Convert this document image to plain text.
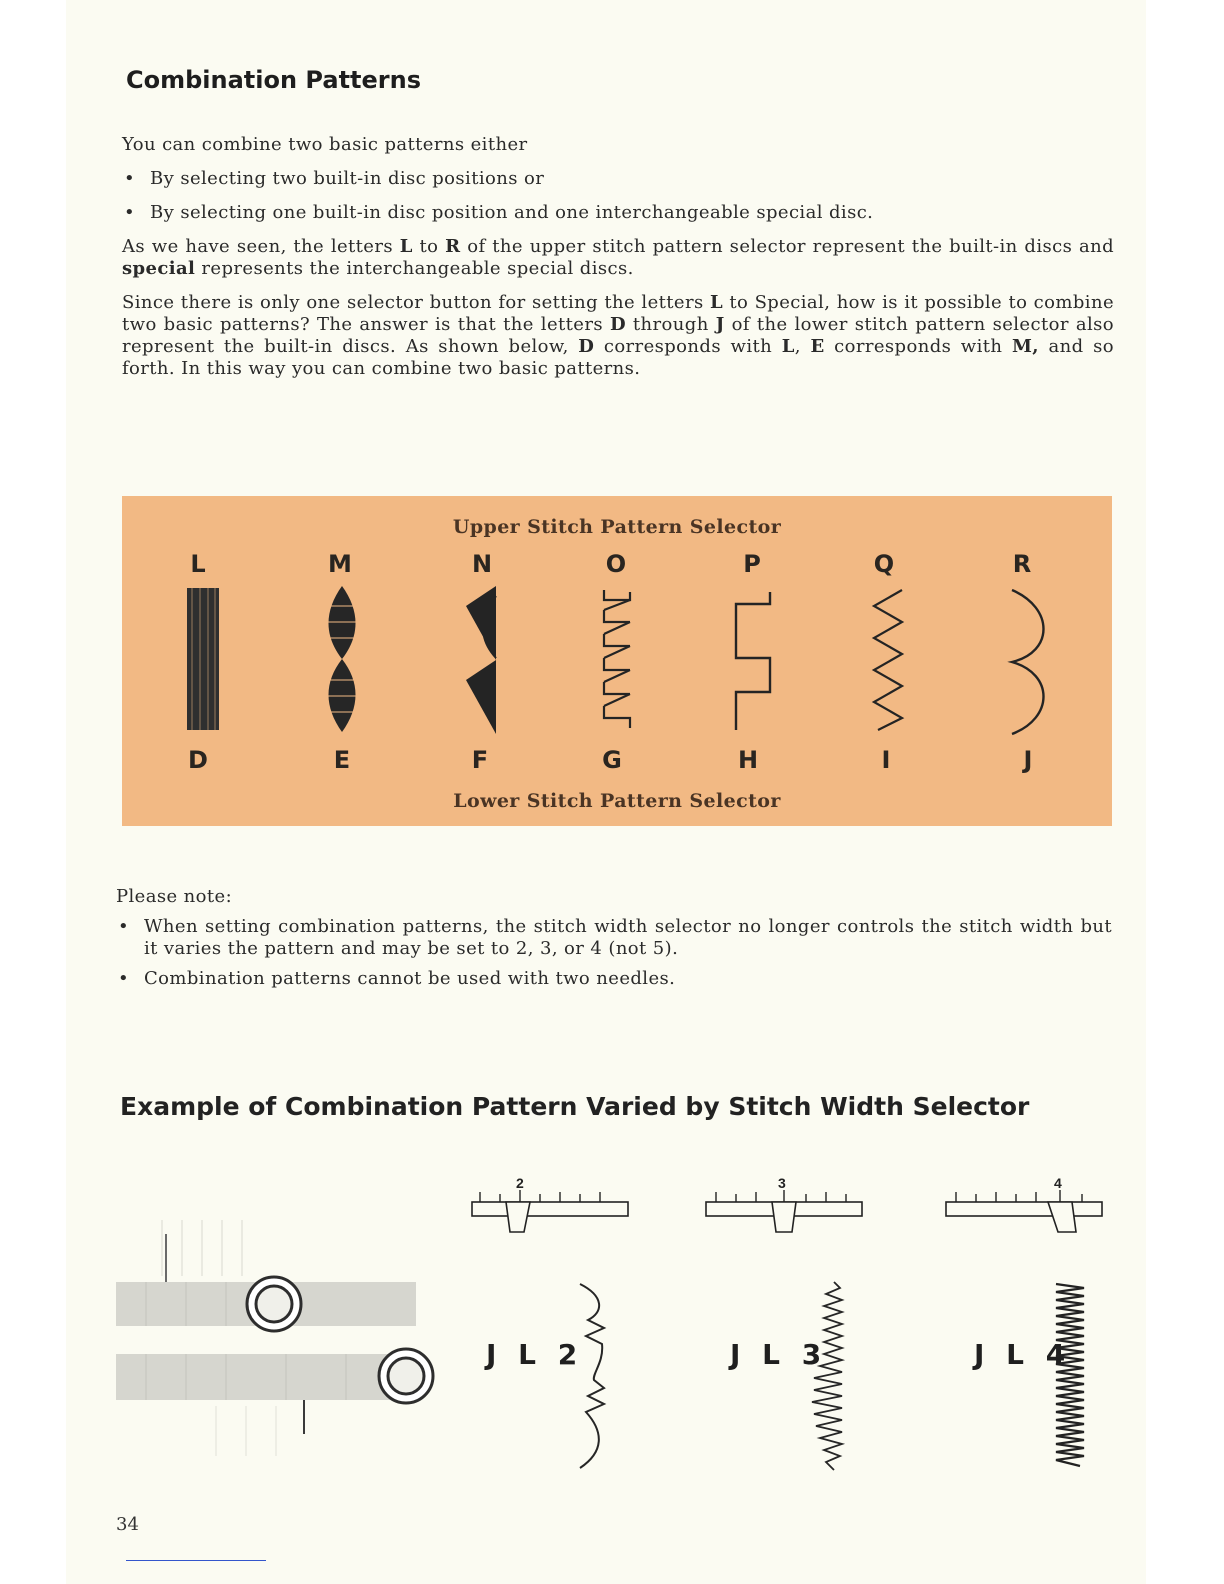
Combination Patterns

You can combine two basic patterns either

• By selecting two built-in disc positions or

• By selecting one built-in disc position and one interchangeable special disc.

As we have seen, the letters L to R of the upper stitch pattern selector represent the built-in discs and special represents the interchangeable special discs.

Since there is only one selector button for setting the letters L to Special, how is it possible to combine two basic patterns? The answer is that the letters D through J of the lower stitch pattern selector also represent the built-in discs. As shown below, D corresponds with L, E corresponds with M, and so forth. In this way you can combine two basic patterns.

Upper Stitch Pattern Selector
Lower Stitch Pattern Selector
L	M	N	O	P	Q	R
D	E	F	G	H	I	J

Please note:

• When setting combination patterns, the stitch width selector no longer controls the stitch width but it varies the pattern and may be set to 2, 3, or 4 (not 5).

• Combination patterns cannot be used with two needles.

Example of Combination Pattern Varied by Stitch Width Selector
2	3	4
J L 2	J L 3	J L 4
34
